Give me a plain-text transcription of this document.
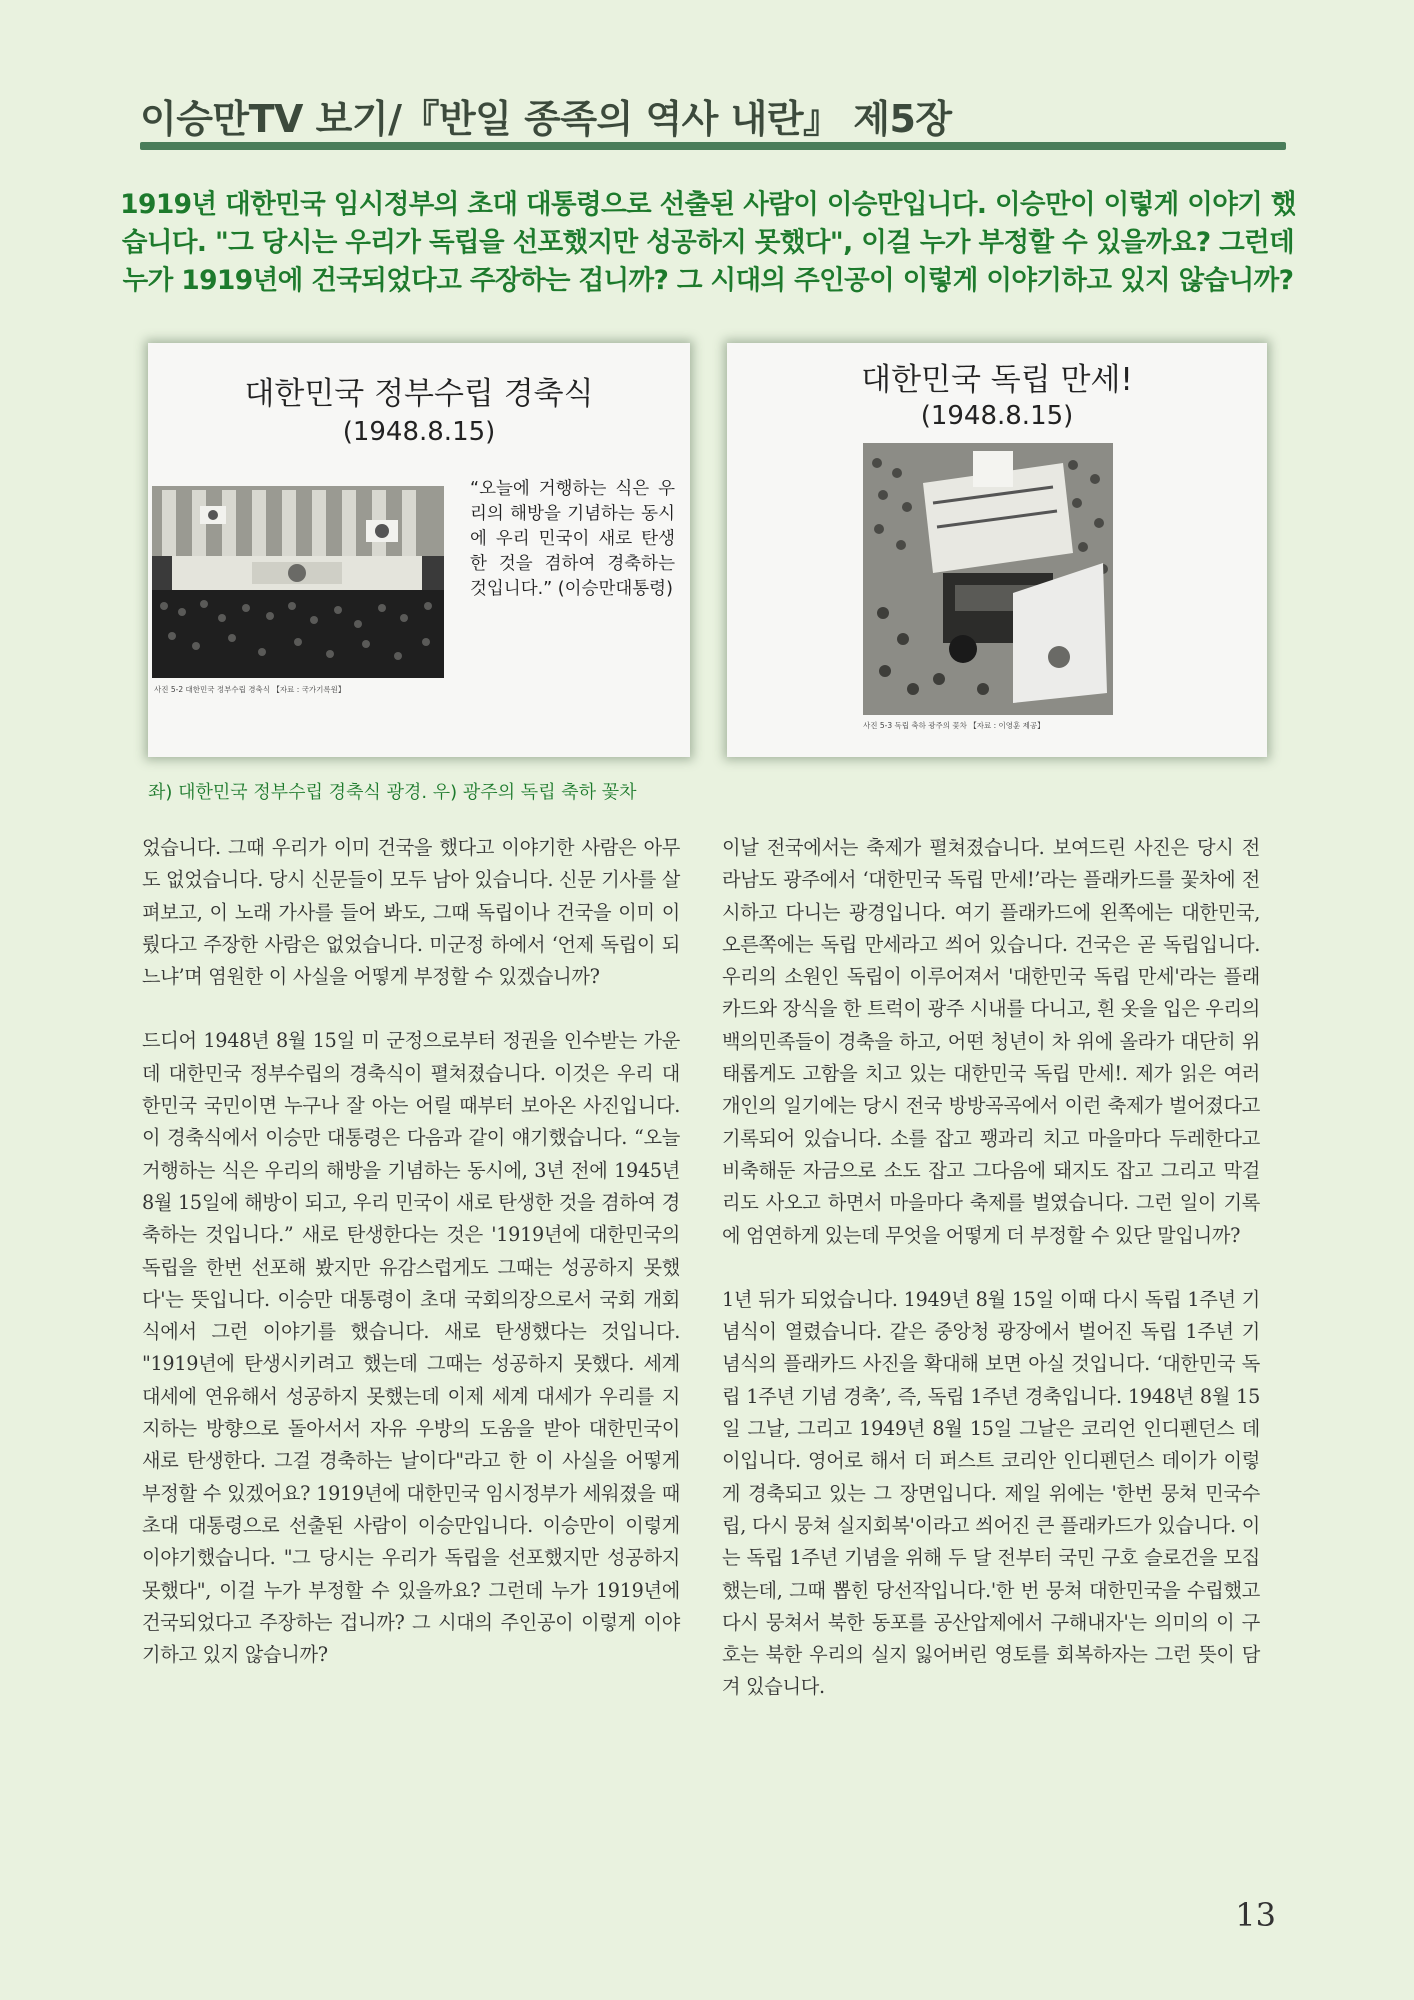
이승만TV 보기/『반일 종족의 역사 내란』 제5장
1919년 대한민국 임시정부의 초대 대통령으로 선출된 사람이 이승만입니다. 이승만이 이렇게 이야기 했습니다. "그 당시는 우리가 독립을 선포했지만 성공하지 못했다", 이걸 누가 부정할 수 있을까요? 그런데 누가 1919년에 건국되었다고 주장하는 겁니까? 그 시대의 주인공이 이렇게 이야기하고 있지 않습니까?
대한민국 정부수립 경축식
(1948.8.15)
“오늘에 거행하는 식은 우리의 해방을 기념하는 동시에 우리 민국이 새로 탄생한 것을 겸하여 경축하는 것입니다.” (이승만대통령)
사진 5-2 대한민국 정부수립 경축식 【자료 : 국가기록원】
대한민국 독립 만세!
(1948.8.15)
사진 5-3 독립 축하 광주의 꽃차 【자료 : 이영훈 제공】
좌) 대한민국 정부수립 경축식 광경. 우) 광주의 독립 축하 꽃차

었습니다. 그때 우리가 이미 건국을 했다고 이야기한 사람은 아무도 없었습니다. 당시 신문들이 모두 남아 있습니다. 신문 기사를 살펴보고, 이 노래 가사를 들어 봐도, 그때 독립이나 건국을 이미 이뤘다고 주장한 사람은 없었습니다. 미군정 하에서 ‘언제 독립이 되느냐’며 염원한 이 사실을 어떻게 부정할 수 있겠습니까?

드디어 1948년 8월 15일 미 군정으로부터 정권을 인수받는 가운데 대한민국 정부수립의 경축식이 펼쳐졌습니다. 이것은 우리 대한민국 국민이면 누구나 잘 아는 어릴 때부터 보아온 사진입니다. 이 경축식에서 이승만 대통령은 다음과 같이 얘기했습니다. “오늘 거행하는 식은 우리의 해방을 기념하는 동시에, 3년 전에 1945년 8월 15일에 해방이 되고, 우리 민국이 새로 탄생한 것을 겸하여 경축하는 것입니다.” 새로 탄생한다는 것은 '1919년에 대한민국의 독립을 한번 선포해 봤지만 유감스럽게도 그때는 성공하지 못했다'는 뜻입니다. 이승만 대통령이 초대 국회의장으로서 국회 개회식에서 그런 이야기를 했습니다. 새로 탄생했다는 것입니다. "1919년에 탄생시키려고 했는데 그때는 성공하지 못했다. 세계 대세에 연유해서 성공하지 못했는데 이제 세계 대세가 우리를 지지하는 방향으로 돌아서서 자유 우방의 도움을 받아 대한민국이 새로 탄생한다. 그걸 경축하는 날이다"라고 한 이 사실을 어떻게 부정할 수 있겠어요? 1919년에 대한민국 임시정부가 세워졌을 때 초대 대통령으로 선출된 사람이 이승만입니다. 이승만이 이렇게 이야기했습니다. "그 당시는 우리가 독립을 선포했지만 성공하지 못했다", 이걸 누가 부정할 수 있을까요? 그런데 누가 1919년에 건국되었다고 주장하는 겁니까? 그 시대의 주인공이 이렇게 이야기하고 있지 않습니까?

이날 전국에서는 축제가 펼쳐졌습니다. 보여드린 사진은 당시 전라남도 광주에서 ‘대한민국 독립 만세!’라는 플래카드를 꽃차에 전시하고 다니는 광경입니다. 여기 플래카드에 왼쪽에는 대한민국, 오른쪽에는 독립 만세라고 씌어 있습니다. 건국은 곧 독립입니다. 우리의 소원인 독립이 이루어져서 '대한민국 독립 만세'라는 플래카드와 장식을 한 트럭이 광주 시내를 다니고, 흰 옷을 입은 우리의 백의민족들이 경축을 하고, 어떤 청년이 차 위에 올라가 대단히 위태롭게도 고함을 치고 있는 대한민국 독립 만세!. 제가 읽은 여러 개인의 일기에는 당시 전국 방방곡곡에서 이런 축제가 벌어졌다고 기록되어 있습니다. 소를 잡고 꽹과리 치고 마을마다 두레한다고 비축해둔 자금으로 소도 잡고 그다음에 돼지도 잡고 그리고 막걸리도 사오고 하면서 마을마다 축제를 벌였습니다. 그런 일이 기록에 엄연하게 있는데 무엇을 어떻게 더 부정할 수 있단 말입니까?

1년 뒤가 되었습니다. 1949년 8월 15일 이때 다시 독립 1주년 기념식이 열렸습니다. 같은 중앙청 광장에서 벌어진 독립 1주년 기념식의 플래카드 사진을 확대해 보면 아실 것입니다. ‘대한민국 독립 1주년 기념 경축’, 즉, 독립 1주년 경축입니다. 1948년 8월 15일 그날, 그리고 1949년 8월 15일 그날은 코리언 인디펜던스 데이입니다. 영어로 해서 더 퍼스트 코리안 인디펜던스 데이가 이렇게 경축되고 있는 그 장면입니다. 제일 위에는 '한번 뭉쳐 민국수립, 다시 뭉쳐 실지회복'이라고 씌어진 큰 플래카드가 있습니다. 이는 독립 1주년 기념을 위해 두 달 전부터 국민 구호 슬로건을 모집했는데, 그때 뽑힌 당선작입니다.'한 번 뭉쳐 대한민국을 수립했고 다시 뭉쳐서 북한 동포를 공산압제에서 구해내자'는 의미의 이 구호는 북한 우리의 실지 잃어버린 영토를 회복하자는 그런 뜻이 담겨 있습니다.

13
